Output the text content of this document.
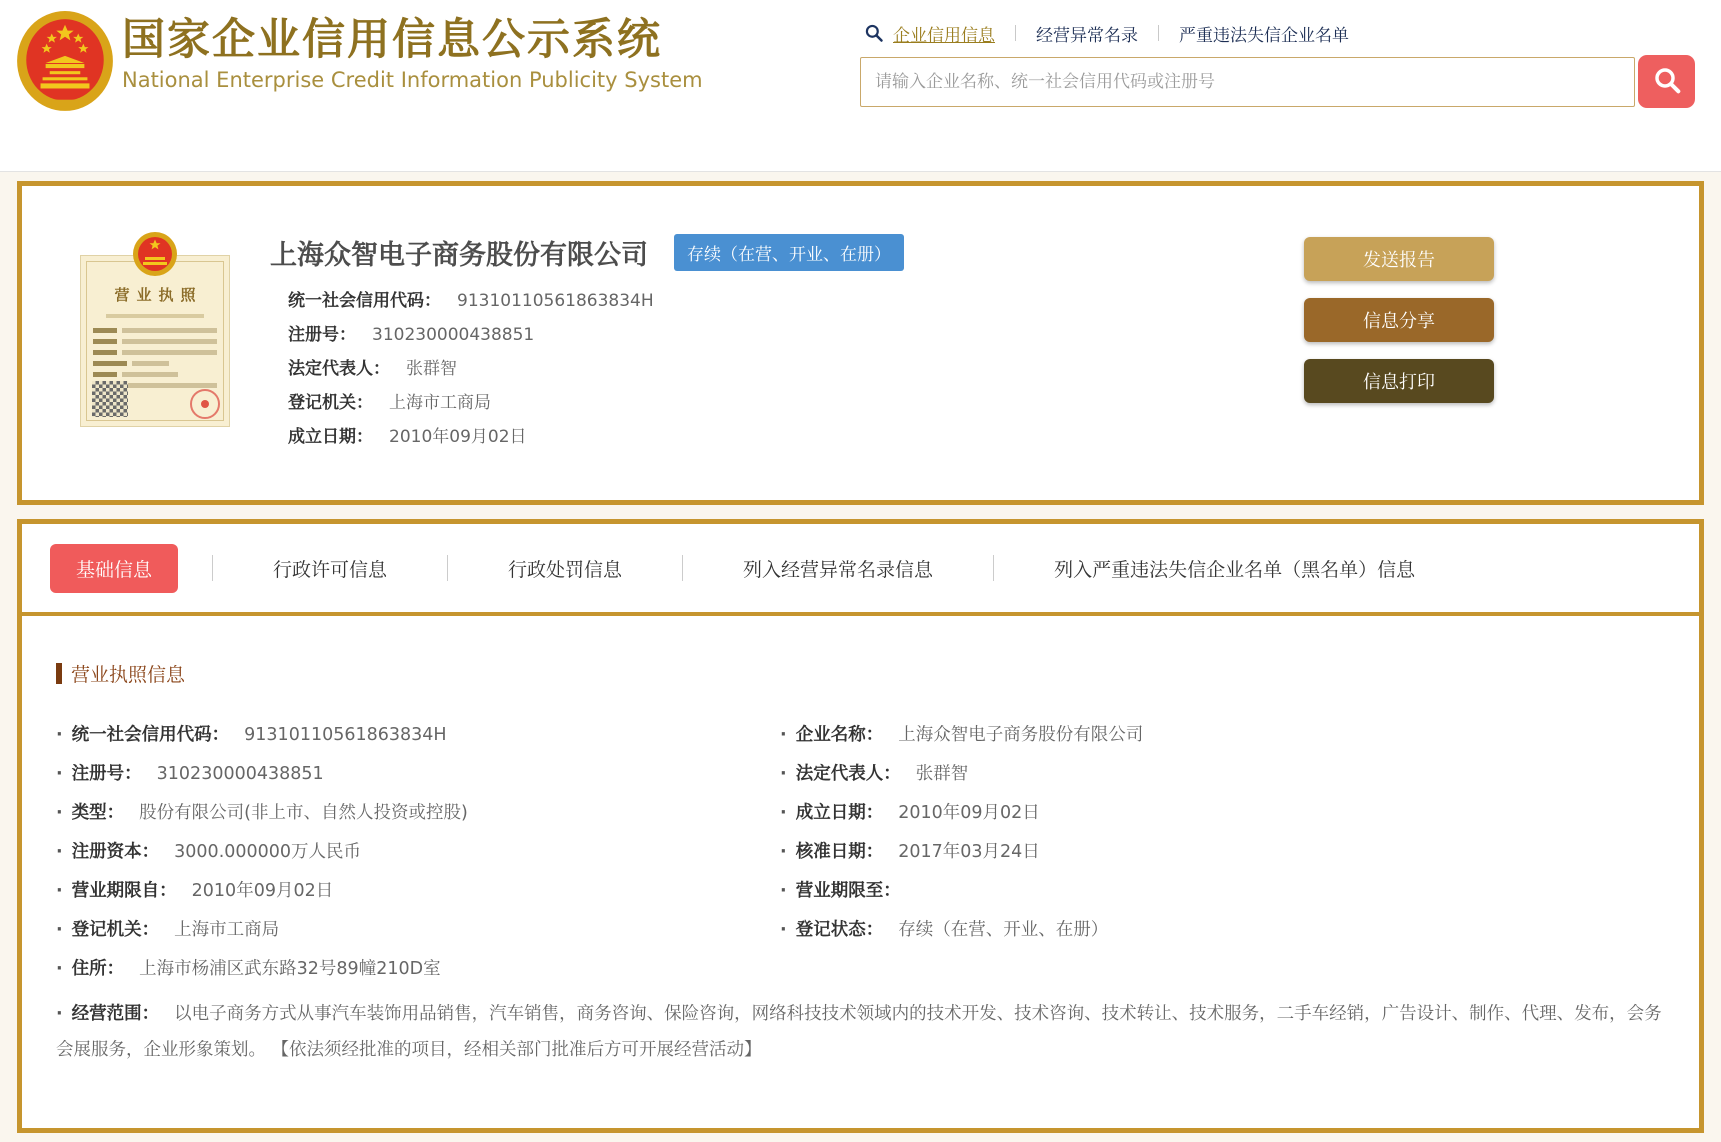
国家企业信用信息公示系统
National Enterprise Credit Information Publicity System
企业信用信息 经营异常名录 严重违法失信企业名单
请输入企业名称、统一社会信用代码或注册号
营业执照
上海众智电子商务股份有限公司	存续（在营、开业、在册）
统一社会信用代码： 91310110561863834H
注册号： 310230000438851
法定代表人： 张群智
登记机关： 上海市工商局
成立日期： 2010年09月02日
发送报告
信息分享
信息打印
基础信息	行政许可信息	行政处罚信息	列入经营异常名录信息	列入严重违法失信企业名单（黑名单）信息
营业执照信息
· 统一社会信用代码： 91310110561863834H	· 企业名称： 上海众智电子商务股份有限公司
· 注册号： 310230000438851	· 法定代表人： 张群智
· 类型： 股份有限公司(非上市、自然人投资或控股)	· 成立日期： 2010年09月02日
· 注册资本： 3000.000000万人民币	· 核准日期： 2017年03月24日
· 营业期限自： 2010年09月02日	· 营业期限至：
· 登记机关： 上海市工商局	· 登记状态： 存续（在营、开业、在册）
· 住所： 上海市杨浦区武东路32号89幢210D室

· 经营范围： 以电子商务方式从事汽车装饰用品销售，汽车销售，商务咨询、保险咨询，网络科技技术领域内的技术开发、技术咨询、技术转让、技术服务，二手车经销，广告设计、制作、代理、发布，会务会展服务，企业形象策划。 【依法须经批准的项目，经相关部门批准后方可开展经营活动】
